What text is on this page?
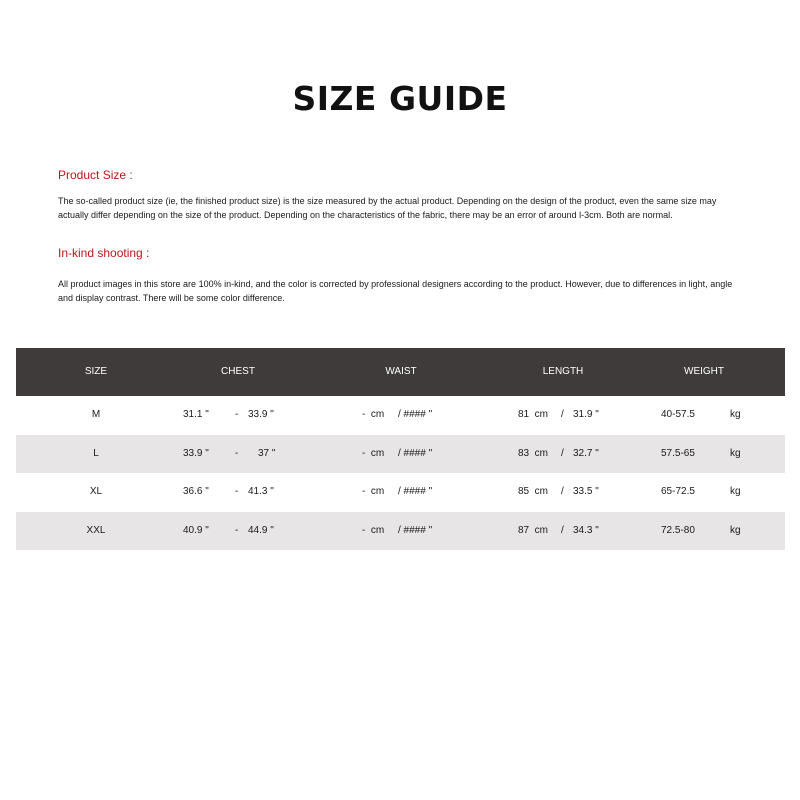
SIZE GUIDE
Product Size :
The so-called product size (ie, the finished product size) is the size measured by the actual product. Depending on the design of the product, even the same size may actually differ depending on the size of the product. Depending on the characteristics of the fabric, there may be an error of around l-3cm. Both are normal.
In-kind shooting :
All product images in this store are 100% in-kind, and the color is corrected by professional designers according to the product. However, due to differences in light, angle and display contrast. There will be some color difference.
SIZE	CHEST	WAIST	LENGTH	WEIGHT
M	31.1 "	- 33.9 "	-  cm / #### "	81  cm / 31.9 "	40-57.5	kg
L	33.9 "	- 37 "	-  cm / #### "	83  cm / 32.7 "	57.5-65	kg
XL	36.6 "	- 41.3 "	-  cm / #### "	85  cm / 33.5 "	65-72.5	kg
XXL	40.9 "	- 44.9 "	-  cm / #### "	87  cm / 34.3 "	72.5-80	kg
